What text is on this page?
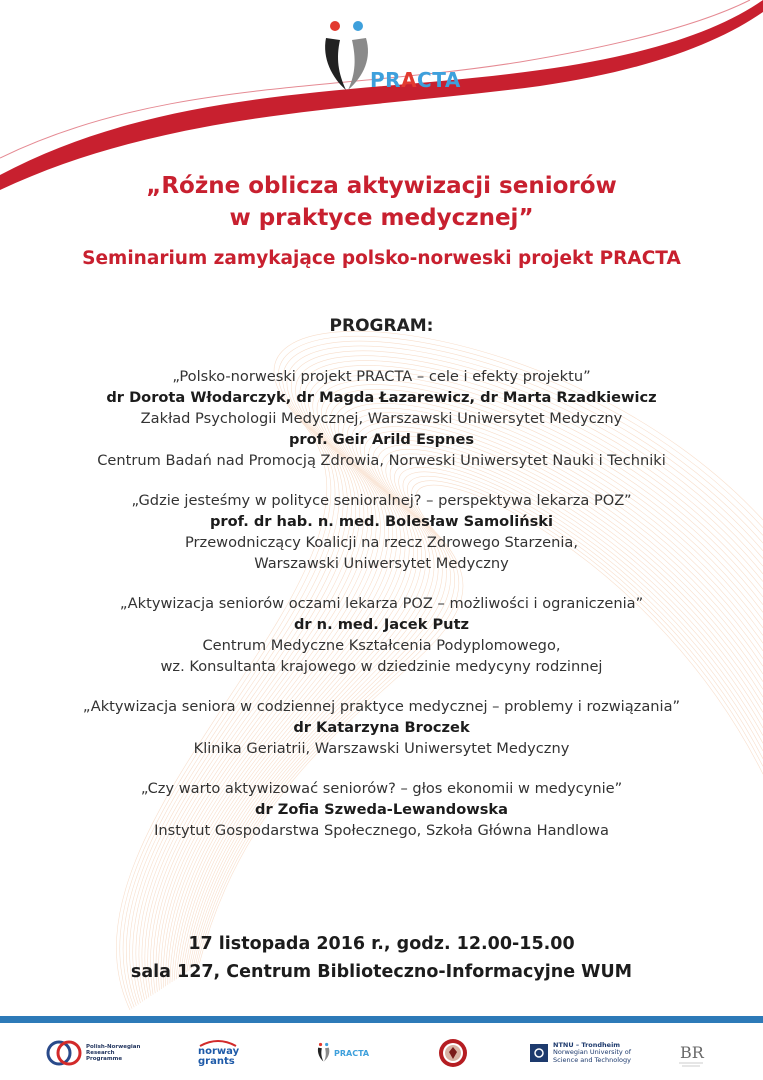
PRACTA
„Różne oblicza aktywizacji seniorów
w praktyce medycznej”
Seminarium zamykające polsko-norweski projekt PRACTA
PROGRAM:
„Polsko-norweski projekt PRACTA – cele i efekty projektu”
dr Dorota Włodarczyk, dr Magda Łazarewicz, dr Marta Rzadkiewicz
Zakład Psychologii Medycznej, Warszawski Uniwersytet Medyczny
prof. Geir Arild Espnes
Centrum Badań nad Promocją Zdrowia, Norweski Uniwersytet Nauki i Techniki
„Gdzie jesteśmy w polityce senioralnej? – perspektywa lekarza POZ”
prof. dr hab. n. med. Bolesław Samoliński
Przewodniczący Koalicji na rzecz Zdrowego Starzenia,
Warszawski Uniwersytet Medyczny
„Aktywizacja seniorów oczami lekarza POZ – możliwości i ograniczenia”
dr n. med. Jacek Putz
Centrum Medyczne Kształcenia Podyplomowego,
wz. Konsultanta krajowego w dziedzinie medycyny rodzinnej
„Aktywizacja seniora w codziennej praktyce medycznej – problemy i rozwiązania”
dr Katarzyna Broczek
Klinika Geriatrii, Warszawski Uniwersytet Medyczny
„Czy warto aktywizować seniorów? – głos ekonomii w medycynie”
dr Zofia Szweda-Lewandowska
Instytut Gospodarstwa Społecznego, Szkoła Główna Handlowa
17 listopada 2016 r., godz. 12.00-15.00
sala 127, Centrum Biblioteczno-Informacyjne WUM
Polish-Norwegian
Research
Programme
norway
grants
PRACTA
NTNU – Trondheim
Norwegian University of
Science and Technology	BR
